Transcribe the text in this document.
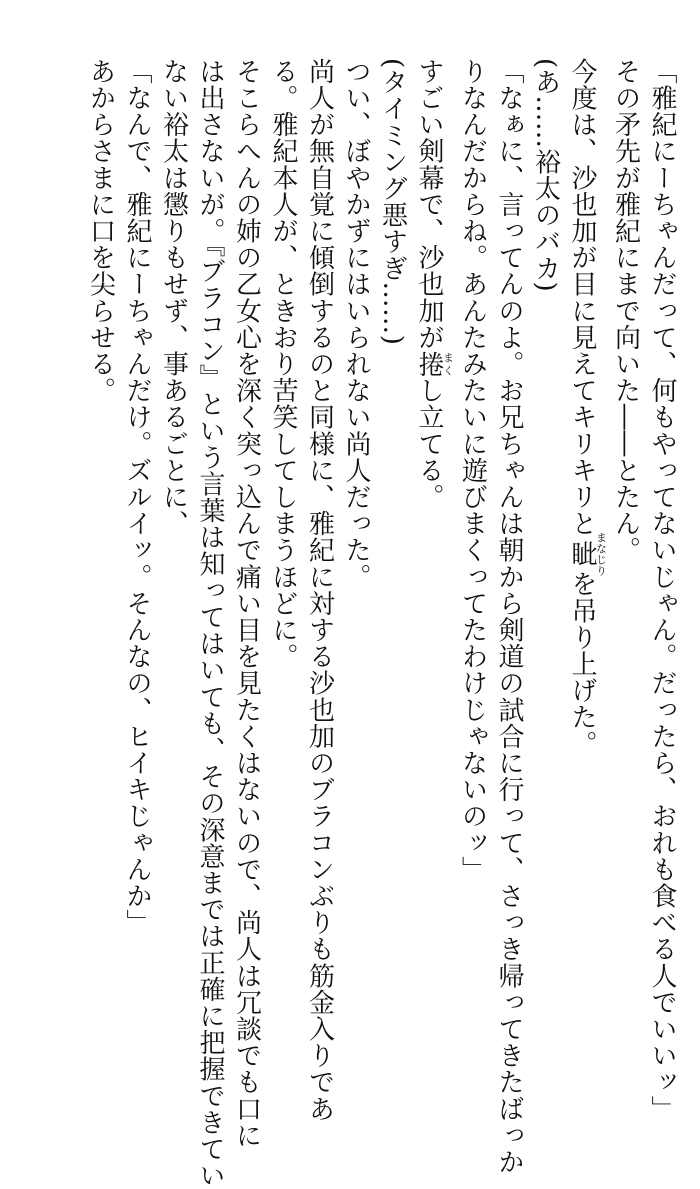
「雅紀にーちゃんだって、何もやってないじゃん。だったら、おれも食べる人でいいッ」

その矛先が雅紀にまで向いた――とたん。

今度は、沙也加が目に見えてキリキリと眦まなじりを吊り上げた。

(あ……裕太のバカ)

「なぁに、言ってんのよ。お兄ちゃんは朝から剣道の試合に行って、さっき帰ってきたばっか

りなんだからね。あんたみたいに遊びまくってたわけじゃないのッ」

すごい剣幕で、沙也加が捲まくし立てる。

(タイミング悪すぎ……)

つい、ぼやかずにはいられない尚人だった。

尚人が無自覚に傾倒するのと同様に、雅紀に対する沙也加のブラコンぶりも筋金入りであ

る。雅紀本人が、ときおり苦笑してしまうほどに。

そこらへんの姉の乙女心を深く突っ込んで痛い目を見たくはないので、尚人は冗談でも口に

は出さないが。『ブラコン』という言葉は知ってはいても、その深意までは正確に把握できてい

ない裕太は懲りもせず、事あるごとに、

「なんで、雅紀にーちゃんだけ。ズルイッ。そんなの、ヒイキじゃんか」

あからさまに口を尖らせる。
